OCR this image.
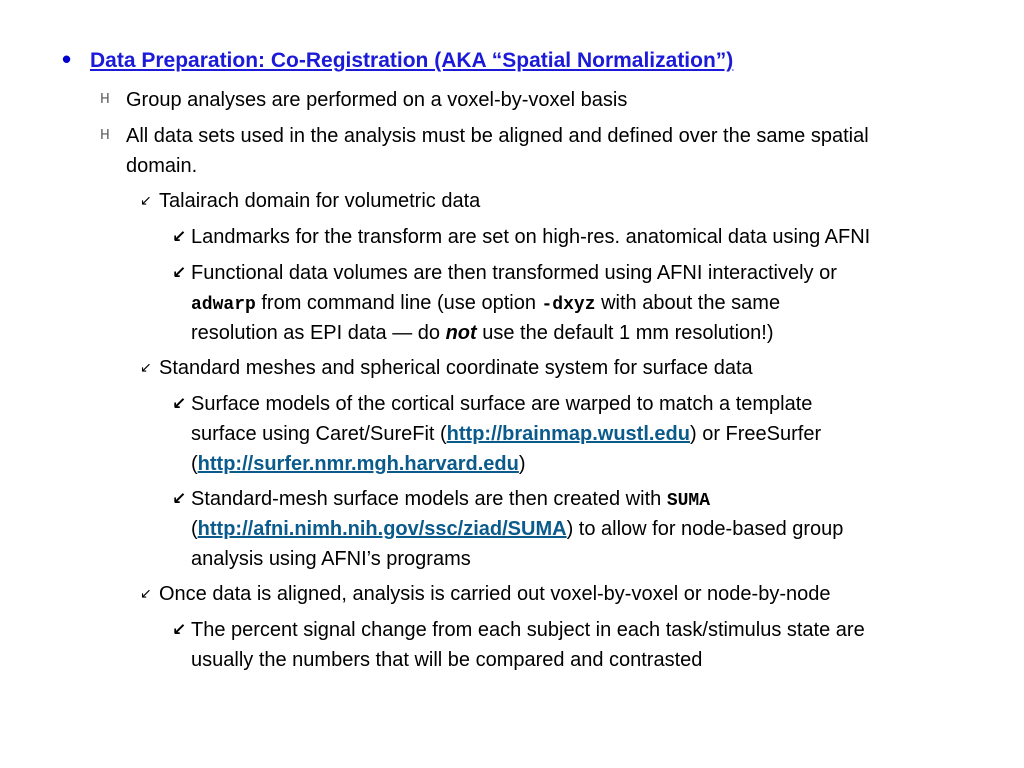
• Data Preparation: Co-Registration (AKA “Spatial Normalization”)
H Group analyses are performed on a voxel-by-voxel basis
H All data sets used in the analysis must be aligned and defined over the same spatial
domain.
↙ Talairach domain for volumetric data
↙ Landmarks for the transform are set on high-res. anatomical data using AFNI
↙ Functional data volumes are then transformed using AFNI interactively or
adwarp from command line (use option -dxyz with about the same
resolution as EPI data — do not use the default 1 mm resolution!)
↙ Standard meshes and spherical coordinate system for surface data
↙ Surface models of the cortical surface are warped to match a template
surface using Caret/SureFit (http://brainmap.wustl.edu) or FreeSurfer
(http://surfer.nmr.mgh.harvard.edu)
↙ Standard-mesh surface models are then created with SUMA
(http://afni.nimh.nih.gov/ssc/ziad/SUMA) to allow for node-based group
analysis using AFNI’s programs
↙ Once data is aligned, analysis is carried out voxel-by-voxel or node-by-node
↙ The percent signal change from each subject in each task/stimulus state are
usually the numbers that will be compared and contrasted
